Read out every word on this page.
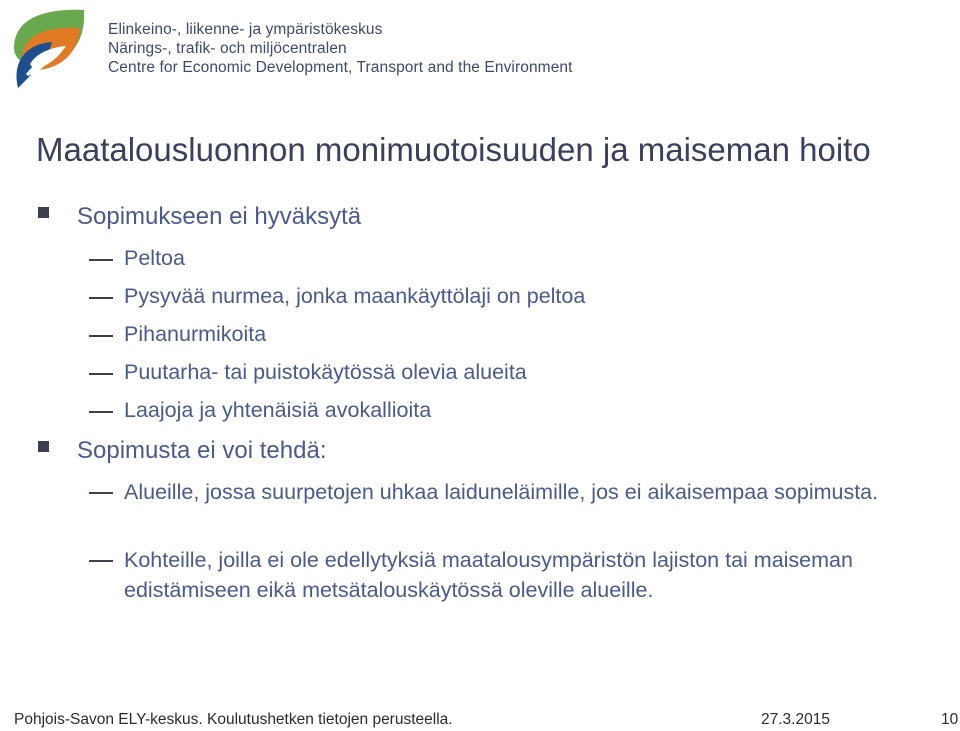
Elinkeino-, liikenne- ja ympäristökeskus
Närings-, trafik- och miljöcentralen
Centre for Economic Development, Transport and the Environment
Maatalousluonnon monimuotoisuuden ja maiseman hoito
Sopimukseen ei hyväksytä
Peltoa
Pysyvää nurmea, jonka maankäyttölaji on peltoa
Pihanurmikoita
Puutarha- tai puistokäytössä olevia alueita
Laajoja ja yhtenäisiä avokallioita
Sopimusta ei voi tehdä:
Alueille, jossa suurpetojen uhkaa laiduneläimille, jos ei aikaisempaa sopimusta.
Kohteille, joilla ei ole edellytyksiä maatalousympäristön lajiston tai maiseman edistämiseen eikä metsätalouskäytössä oleville alueille.
Pohjois-Savon ELY-keskus. Koulutushetken tietojen perusteella.	27.3.2015	10
